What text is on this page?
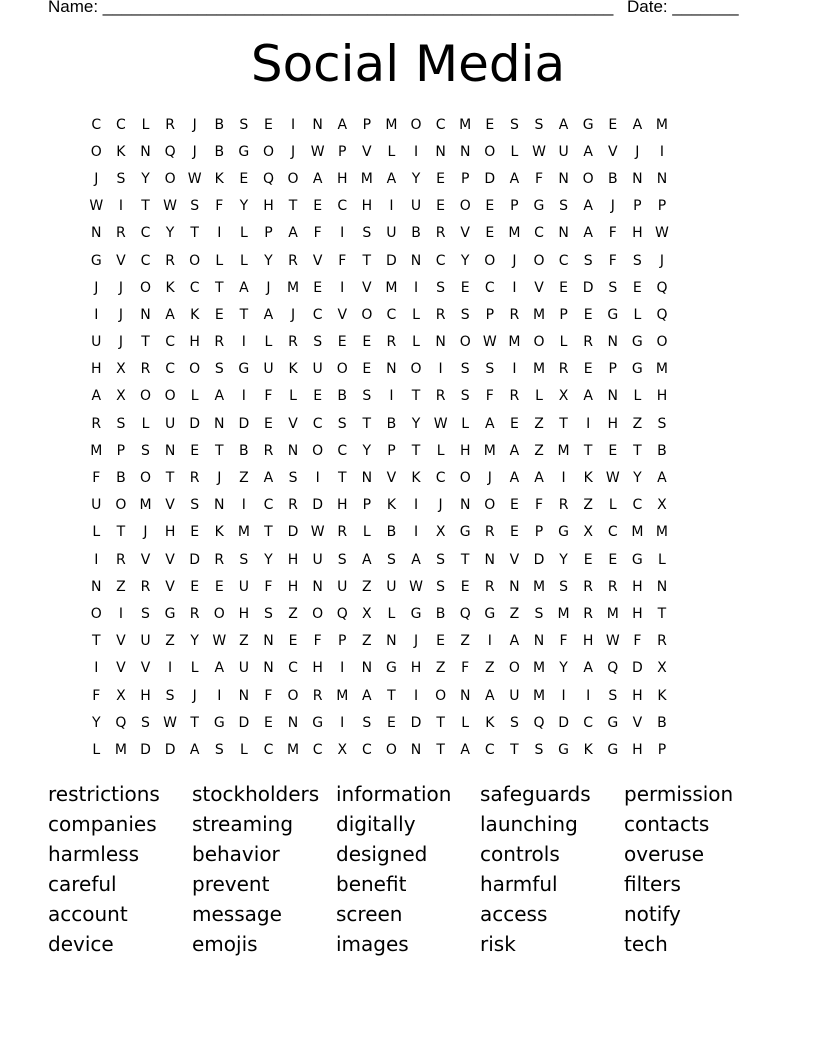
Name: ______________________________________________________ Date: _______
Social Media
C	C	L	R	J	B	S	E	I	N	A	P	M O	C M	E	S	S	A	G	E	A M
O	K	N Q	J	B	G O	J	W P	V	L	I	N	N O	L W U	A	V	J	I
J	S	Y	O W K	E	Q O	A	H M A	Y	E	P	D	A	F	N O	B	N	N
W	I	T W S	F	Y	H	T	E	C	H	I	U	E	O	E	P	G	S	A	J	P	P
N	R	C	Y	T	I	L	P	A	F	I	S	U	B	R	V	E	M C	N	A	F	H W
G	V	C	R	O	L	L	Y	R	V	F	T	D N	C	Y	O	J	O	C	S	F	S	J
J	J	O	K	C	T	A	J	M	E	I	V M	I	S	E	C	I	V	E	D	S	E	Q
I	J	N	A	K	E	T	A	J	C	V	O	C	L	R	S	P	R M	P	E	G	L	Q
U	J	T	C	H	R	I	L	R	S	E	E	R	L	N O W M O	L	R	N G O
H	X	R	C	O	S	G	U	K	U O	E	N O	I	S	S	I	M R	E	P	G M
A	X	O O	L	A	I	F	L	E	B	S	I	T	R	S	F	R	L	X	A	N	L	H
R	S	L	U	D N D	E	V	C	S	T	B	Y W L	A	E	Z	T	I	H	Z	S
M	P	S	N	E	T	B	R	N O	C	Y	P	T	L	H M A	Z M	T	E	T	B
F	B	O	T	R	J	Z	A	S	I	T	N	V	K	C	O	J	A	A	I	K W Y	A
U O M V	S	N	I	C	R	D H	P	K	I	J	N O	E	F	R	Z	L	C	X
L	T	J	H	E	K M	T	D W R	L	B	I	X	G	R	E	P	G	X	C M M
I	R	V	V	D	R	S	Y	H	U	S	A	S	A	S	T	N	V	D	Y	E	E	G	L
N	Z	R	V	E	E	U	F	H	N	U	Z	U W S	E	R	N M	S	R	R	H	N
O	I	S	G	R	O H	S	Z	O Q	X	L	G	B	Q G	Z	S	M R M H	T
T	V	U	Z	Y W Z	N	E	F	P	Z	N	J	E	Z	I	A	N	F	H W F	R
I	V	V	I	L	A	U	N	C	H	I	N G H	Z	F	Z	O M	Y	A	Q D	X
F	X	H	S	J	I	N	F	O	R M A	T	I	O N	A	U M	I	I	S	H	K
Y	Q	S W T	G D	E	N G	I	S	E	D	T	L	K	S	Q D	C	G	V	B
L	M D D	A	S	L	C M C	X	C	O N	T	A	C	T	S	G	K	G H	P
restrictions	stockholders information	safeguards	permission
companies	streaming	digitally	launching	contacts
harmless	behavior	designed	controls	overuse
careful	prevent	benefit	harmful	filters
account	message	screen	access	notify
device	emojis	images	risk	tech
